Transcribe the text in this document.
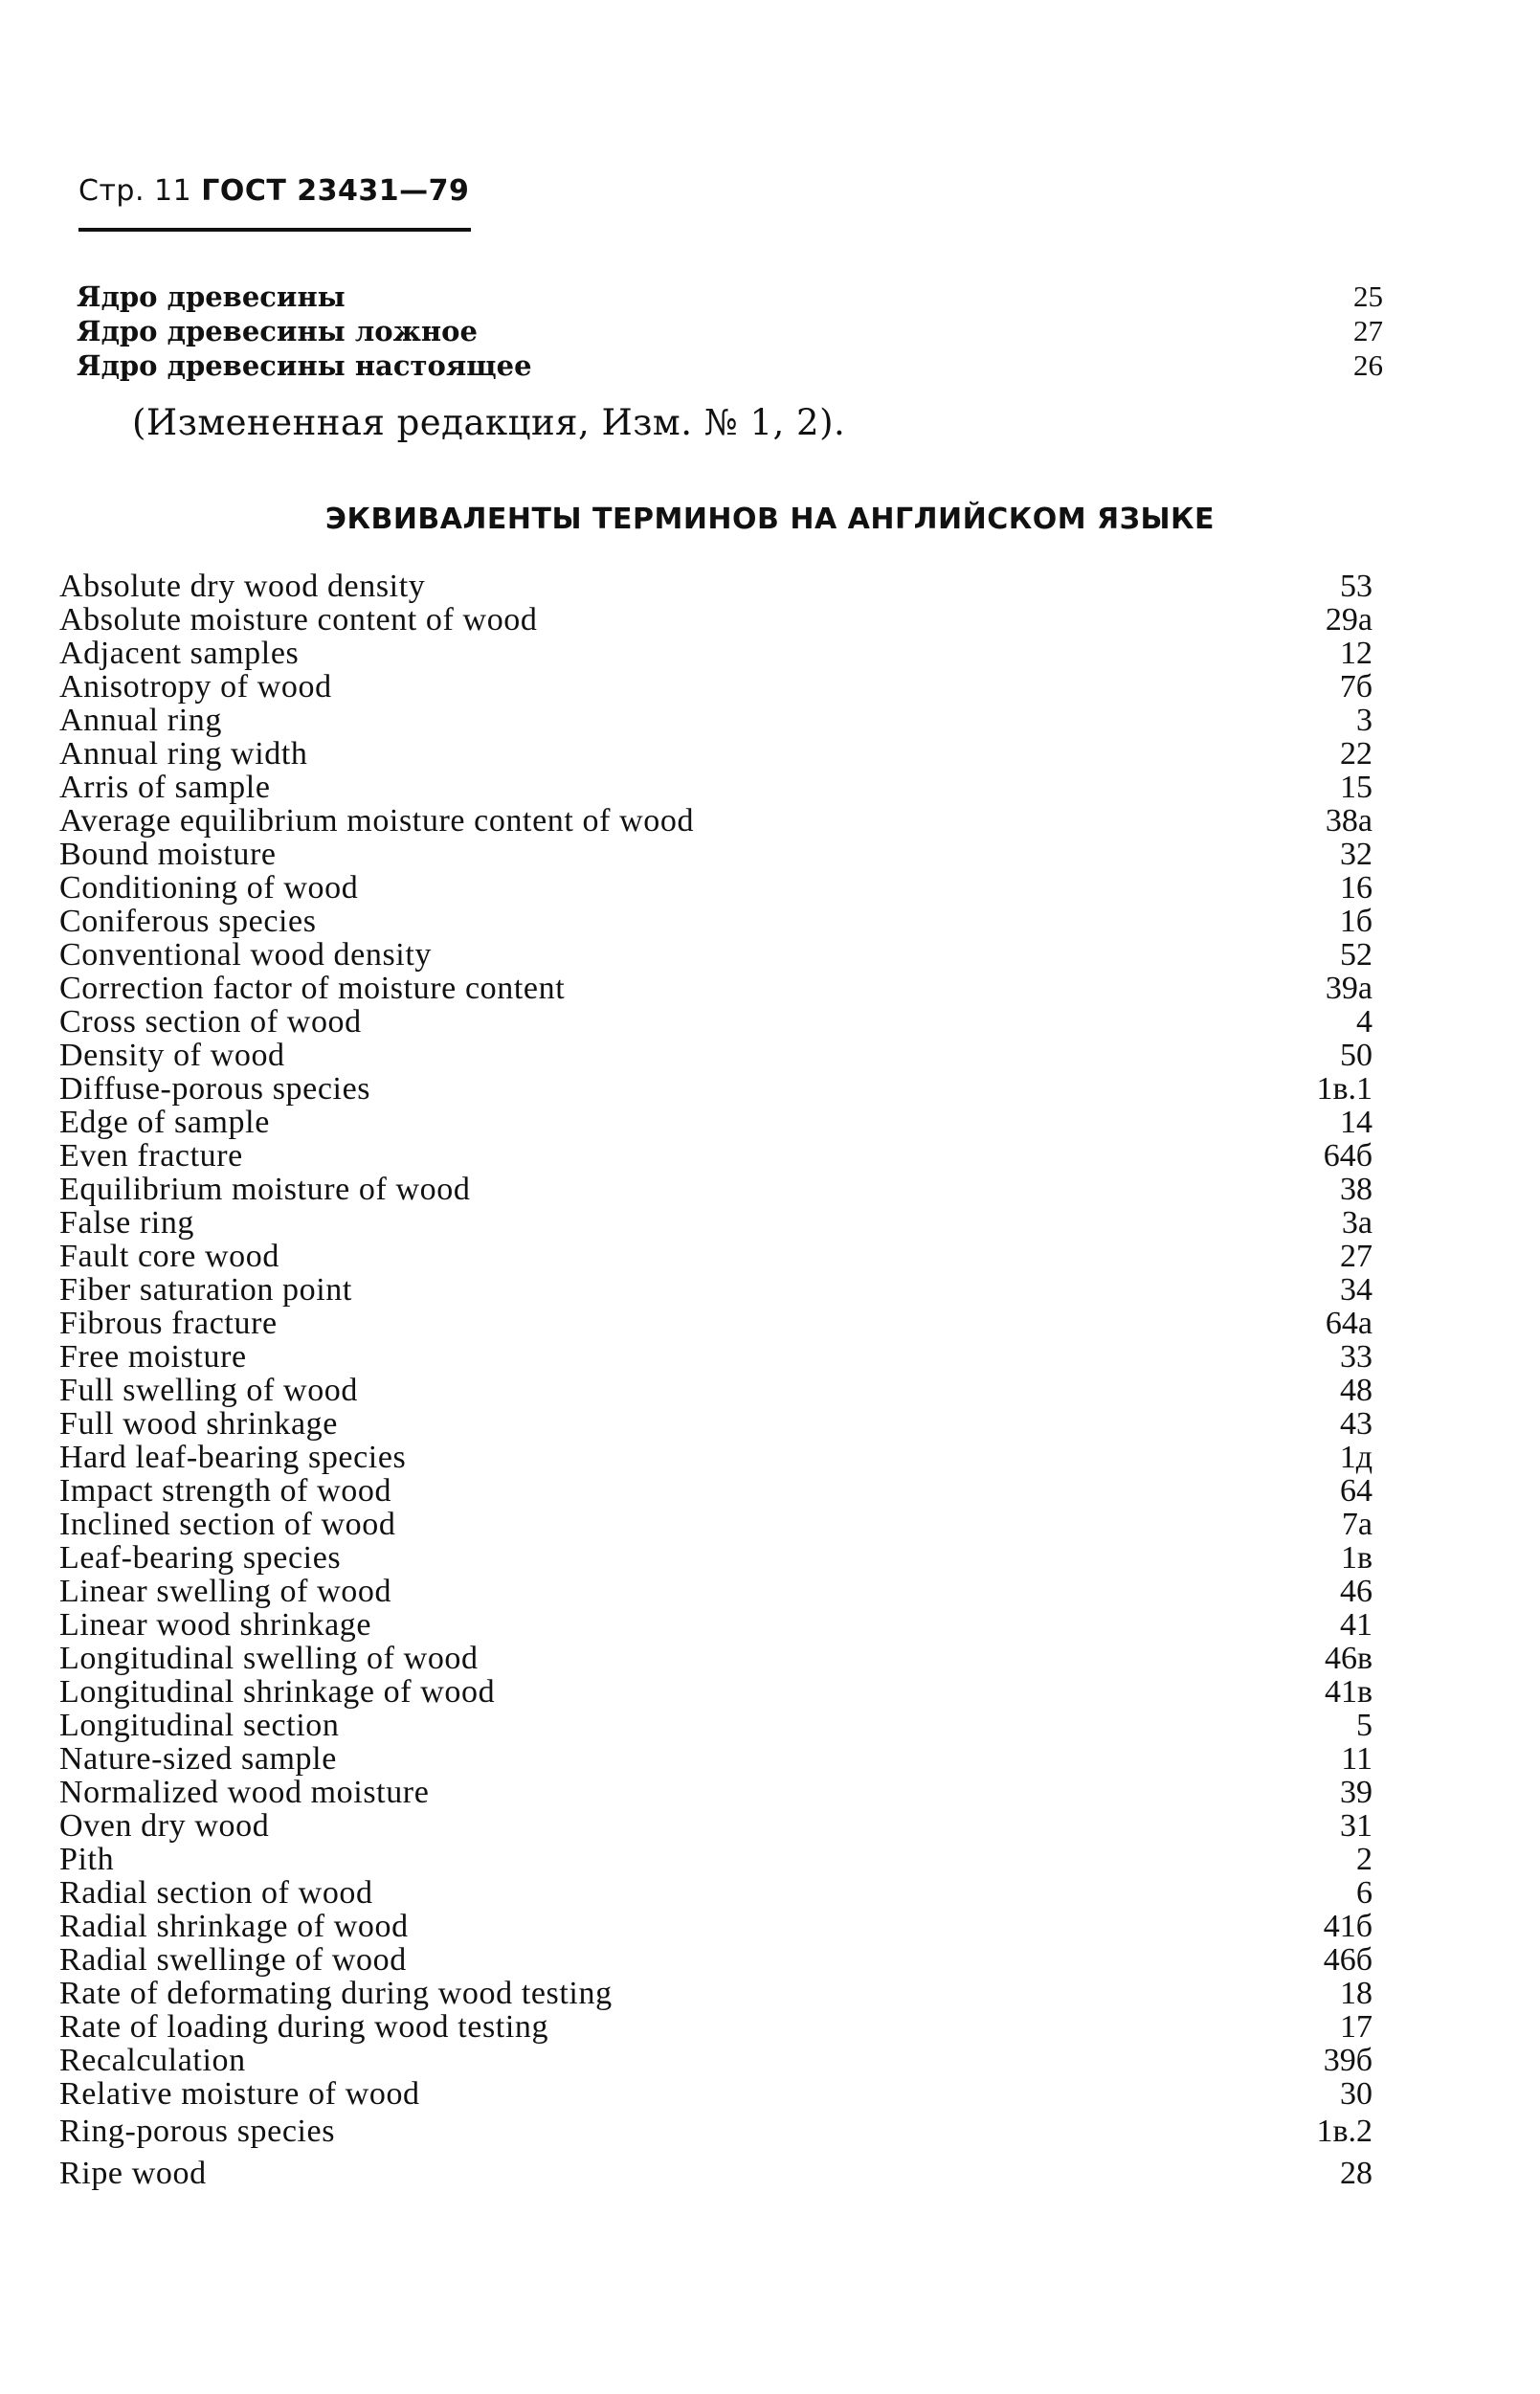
Стр. 11 ГОСТ 23431—79
Ядро древесины	25
Ядро древесины ложное	27
Ядро древесины настоящее	26
(Измененная редакция, Изм. № 1, 2).
ЭКВИВАЛЕНТЫ ТЕРМИНОВ НА АНГЛИЙСКОМ ЯЗЫКЕ
Absolute dry wood density	53
Absolute moisture content of wood	29а
Adjacent samples	12
Anisotropy of wood	7б
Annual ring	3
Annual ring width	22
Arris of sample	15
Average equilibrium moisture content of wood	38а
Bound moisture	32
Conditioning of wood	16
Coniferous species	1б
Conventional wood density	52
Correction factor of moisture content	39а
Cross section of wood	4
Density of wood	50
Diffuse-porous species	1в.1
Edge of sample	14
Even fracture	64б
Equilibrium moisture of wood	38
False ring	3а
Fault core wood	27
Fiber saturation point	34
Fibrous fracture	64а
Free moisture	33
Full swelling of wood	48
Full wood shrinkage	43
Hard leaf-bearing species	1д
Impact strength of wood	64
Inclined section of wood	7а
Leaf-bearing species	1в
Linear swelling of wood	46
Linear wood shrinkage	41
Longitudinal swelling of wood	46в
Longitudinal shrinkage of wood	41в
Longitudinal section	5
Nature-sized sample	11
Normalized wood moisture	39
Oven dry wood	31
Pith	2
Radial section of wood	6
Radial shrinkage of wood	41б
Radial swellinge of wood	46б
Rate of deformating during wood testing	18
Rate of loading during wood testing	17
Recalculation	39б
Relative moisture of wood	30
Ring-porous species	1в.2
Ripe wood	28
